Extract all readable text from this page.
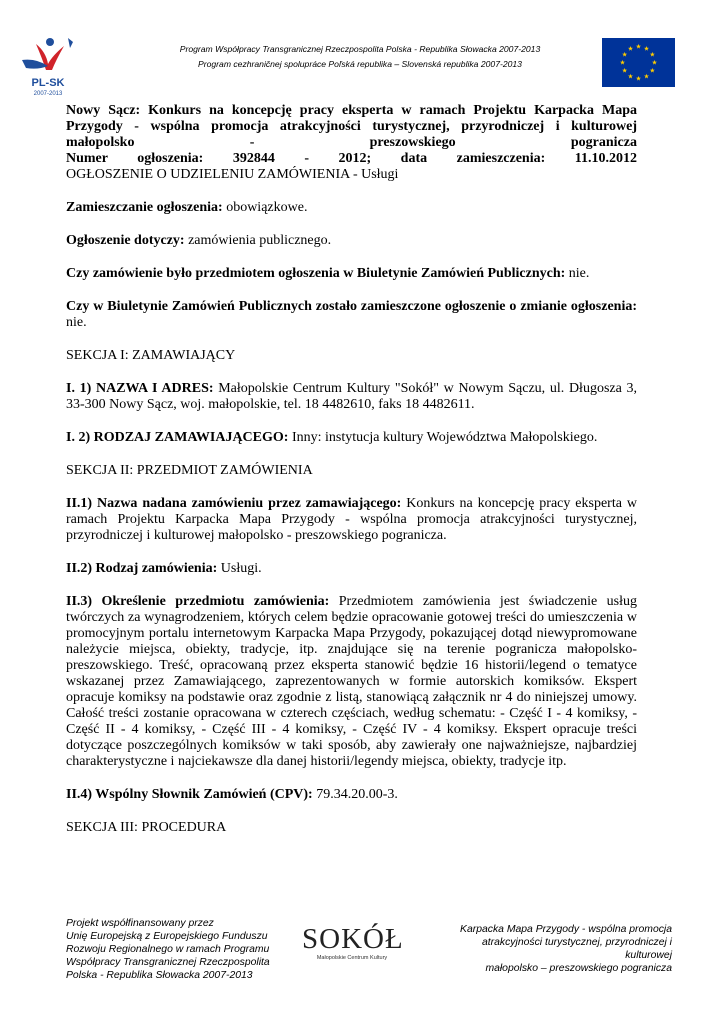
PL-SK
2007-2013
Program Współpracy Transgranicznej Rzeczpospolita Polska - Republika Słowacka 2007-2013
Program cezhraničnej spolupráce Poľská republika – Slovenská republika 2007-2013

Nowy Sącz: Konkurs na koncepcję pracy eksperta w ramach Projektu Karpacka Mapa

Przygody - wspólna promocja atrakcyjności turystycznej, przyrodniczej i kulturowej

małopolsko - preszowskiego pogranicza

Numer ogłoszenia: 392844 - 2012; data zamieszczenia: 11.10.2012

OGŁOSZENIE O UDZIELENIU ZAMÓWIENIA - Usługi

Zamieszczanie ogłoszenia: obowiązkowe.

Ogłoszenie dotyczy: zamówienia publicznego.

Czy zamówienie było przedmiotem ogłoszenia w Biuletynie Zamówień Publicznych: nie.

Czy w Biuletynie Zamówień Publicznych zostało zamieszczone ogłoszenie o zmianie ogłoszenia: nie.

SEKCJA I: ZAMAWIAJĄCY

I. 1) NAZWA I ADRES: Małopolskie Centrum Kultury "Sokół" w Nowym Sączu, ul. Długosza 3, 33-300 Nowy Sącz, woj. małopolskie, tel. 18 4482610, faks 18 4482611.

I. 2) RODZAJ ZAMAWIAJĄCEGO: Inny: instytucja kultury Województwa Małopolskiego.

SEKCJA II: PRZEDMIOT ZAMÓWIENIA

II.1) Nazwa nadana zamówieniu przez zamawiającego: Konkurs na koncepcję pracy eksperta w ramach Projektu Karpacka Mapa Przygody - wspólna promocja atrakcyjności turystycznej, przyrodniczej i kulturowej małopolsko - preszowskiego pogranicza.

II.2) Rodzaj zamówienia: Usługi.

II.3) Określenie przedmiotu zamówienia: Przedmiotem zamówienia jest świadczenie usług twórczych za wynagrodzeniem, których celem będzie opracowanie gotowej treści do umieszczenia w promocyjnym portalu internetowym Karpacka Mapa Przygody, pokazującej dotąd niewypromowane należycie miejsca, obiekty, tradycje, itp. znajdujące się na terenie pogranicza małopolsko-preszowskiego. Treść, opracowaną przez eksperta stanowić będzie 16 historii/legend o tematyce wskazanej przez Zamawiającego, zaprezentowanych w formie autorskich komiksów. Ekspert opracuje komiksy na podstawie oraz zgodnie z listą, stanowiącą załącznik nr 4 do niniejszej umowy. Całość treści zostanie opracowana w czterech częściach, według schematu: - Część I - 4 komiksy, - Część II - 4 komiksy, - Część III - 4 komiksy, - Część IV - 4 komiksy. Ekspert opracuje treści dotyczące poszczególnych komiksów w taki sposób, aby zawierały one najważniejsze, najbardziej charakterystyczne i najciekawsze dla danej historii/legendy miejsca, obiekty, tradycje itp.

II.4) Wspólny Słownik Zamówień (CPV): 79.34.20.00-3.

SEKCJA III: PROCEDURA

Projekt współfinansowany przez
Unię Europejską z Europejskiego Funduszu
Rozwoju Regionalnego w ramach Programu
Współpracy Transgranicznej Rzeczpospolita
Polska - Republika Słowacka 2007-2013
SOKÓŁ
Małopolskie Centrum Kultury
Karpacka Mapa Przygody - wspólna promocja
atrakcyjności turystycznej, przyrodniczej i
kulturowej
małopolsko – preszowskiego pogranicza
